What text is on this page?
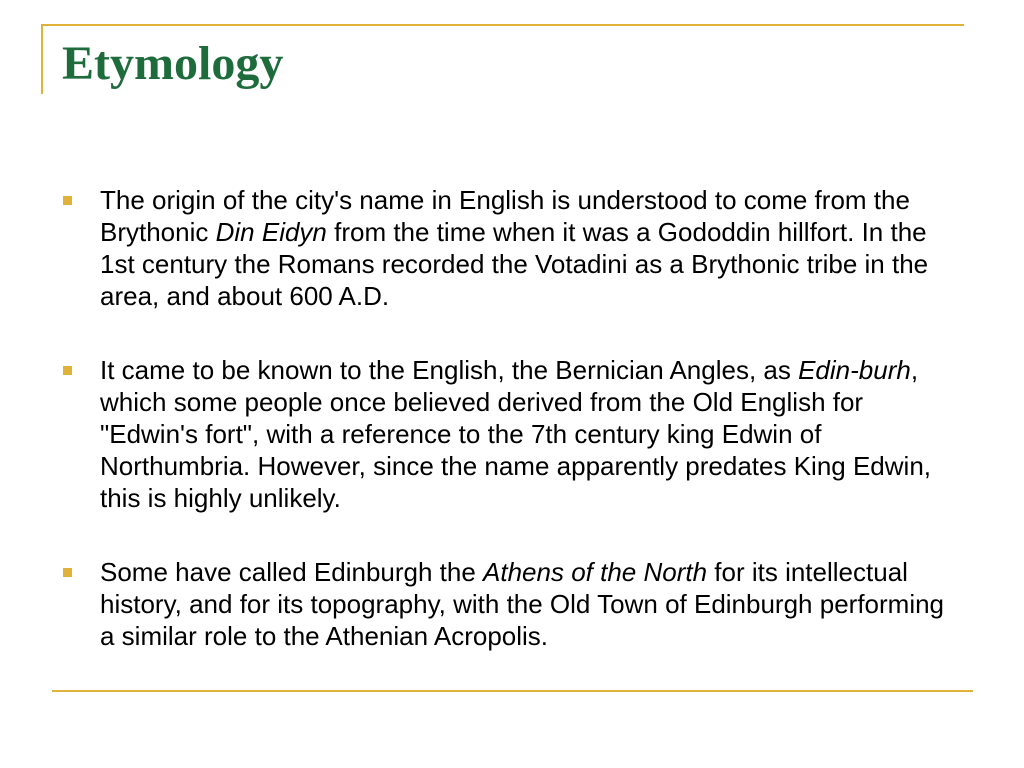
Etymology
The origin of the city's name in English is understood to come from the Brythonic Din Eidyn from the time when it was a Gododdin hillfort. In the 1st century the Romans recorded the Votadini as a Brythonic tribe in the area, and about 600 A.D.
It came to be known to the English, the Bernician Angles, as Edin-burh, which some people once believed derived from the Old English for "Edwin's fort", with a reference to the 7th century king Edwin of Northumbria. However, since the name apparently predates King Edwin, this is highly unlikely.
Some have called Edinburgh the Athens of the North for its intellectual history, and for its topography, with the Old Town of Edinburgh performing a similar role to the Athenian Acropolis.
